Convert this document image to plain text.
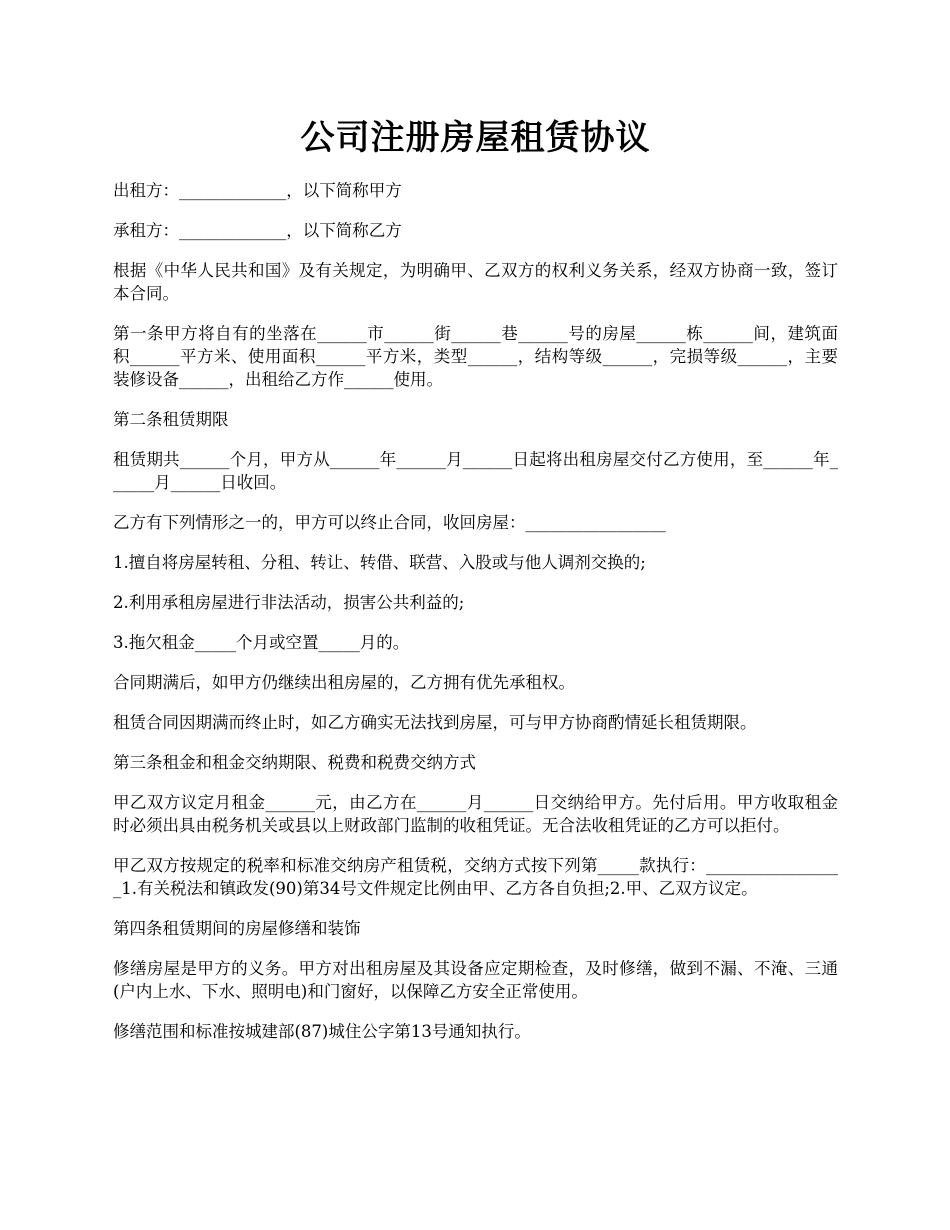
公司注册房屋租赁协议

出租方：_____________，以下简称甲方

承租方：_____________，以下简称乙方

根据《中华人民共和国》及有关规定，为明确甲、乙双方的权利义务关系，经双方协商一致，签订本合同。

第一条甲方将自有的坐落在______市______街______巷______号的房屋______栋______间，建筑面积______平方米、使用面积______平方米，类型______，结构等级______，完损等级______，主要装修设备______，出租给乙方作______使用。

第二条租赁期限

租赁期共______个月，甲方从______年______月______日起将出租房屋交付乙方使用，至______年______月______日收回。

乙方有下列情形之一的，甲方可以终止合同，收回房屋：_________________

1.擅自将房屋转租、分租、转让、转借、联营、入股或与他人调剂交换的;

2.利用承租房屋进行非法活动，损害公共利益的;

3.拖欠租金_____个月或空置_____月的。

合同期满后，如甲方仍继续出租房屋的，乙方拥有优先承租权。

租赁合同因期满而终止时，如乙方确实无法找到房屋，可与甲方协商酌情延长租赁期限。

第三条租金和租金交纳期限、税费和税费交纳方式

甲乙双方议定月租金______元，由乙方在______月______日交纳给甲方。先付后用。甲方收取租金时必须出具由税务机关或县以上财政部门监制的收租凭证。无合法收租凭证的乙方可以拒付。

甲乙双方按规定的税率和标准交纳房产租赁税，交纳方式按下列第_____款执行：_________________1.有关税法和镇政发(90)第34号文件规定比例由甲、乙方各自负担;2.甲、乙双方议定。

第四条租赁期间的房屋修缮和装饰

修缮房屋是甲方的义务。甲方对出租房屋及其设备应定期检查，及时修缮，做到不漏、不淹、三通(户内上水、下水、照明电)和门窗好，以保障乙方安全正常使用。

修缮范围和标准按城建部(87)城住公字第13号通知执行。
